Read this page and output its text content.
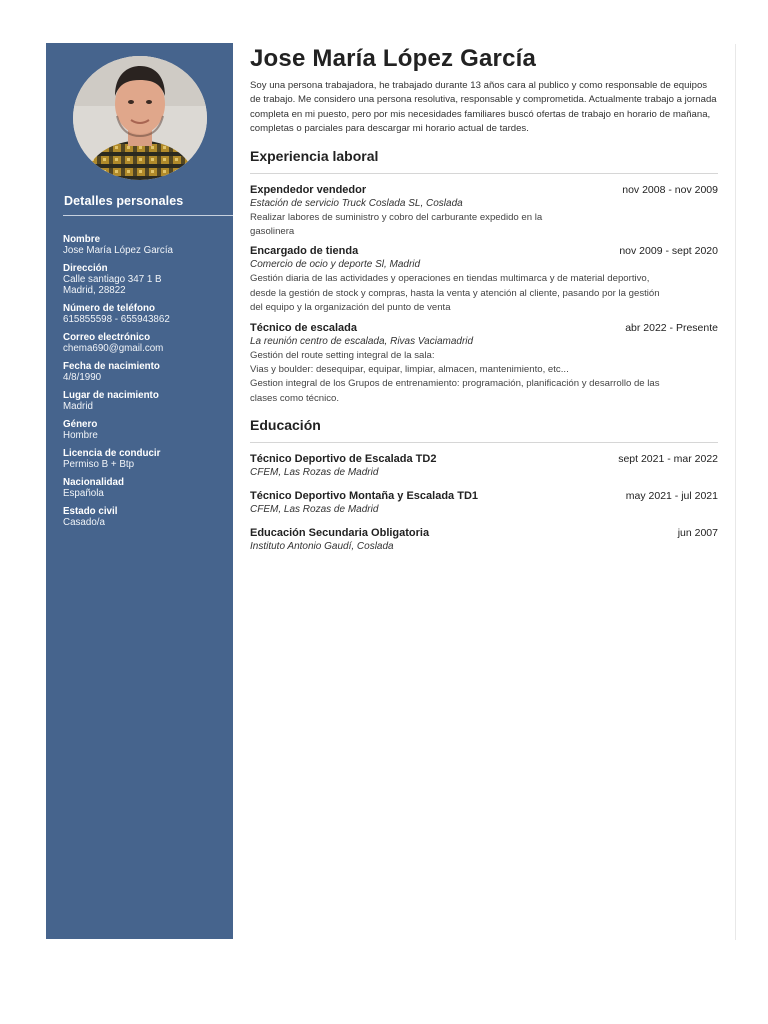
Detalles personales
Nombre
Jose María López García
Dirección
Calle santiago 347 1 B
Madrid, 28822
Número de teléfono
615855598 - 655943862
Correo electrónico
chema690@gmail.com
Fecha de nacimiento
4/8/1990
Lugar de nacimiento
Madrid
Género
Hombre
Licencia de conducir
Permiso B + Btp
Nacionalidad
Española
Estado civil
Casado/a
Jose María López García
Soy una persona trabajadora, he trabajado durante 13 años cara al publico y como responsable de equipos de trabajo. Me considero una persona resolutiva, responsable y comprometida. Actualmente trabajo a jornada completa en mi puesto, pero por mis necesidades familiares buscó ofertas de trabajo en horario de mañana, completas o parciales para descargar mi horario actual de tardes.
Experiencia laboral
Expendedor vendedor	nov 2008 - nov 2009
Estación de servicio Truck Coslada SL, Coslada
Realizar labores de suministro y cobro del carburante expedido en la
gasolinera
Encargado de tienda	nov 2009 - sept 2020
Comercio de ocio y deporte Sl, Madrid
Gestión diaria de las actividades y operaciones en tiendas multimarca y de material deportivo,
desde la gestión de stock y compras, hasta la venta y atención al cliente, pasando por la gestión
del equipo y la organización del punto de venta
Técnico de escalada	abr 2022 - Presente
La reunión centro de escalada, Rivas Vaciamadrid
Gestión del route setting integral de la sala:
Vias y boulder: desequipar, equipar, limpiar, almacen, mantenimiento, etc...
Gestion integral de los Grupos de entrenamiento: programación, planificación y desarrollo de las
clases como técnico.
Educación
Técnico Deportivo de Escalada TD2	sept 2021 - mar 2022
CFEM, Las Rozas de Madrid
Técnico Deportivo Montaña y Escalada TD1	may 2021 - jul 2021
CFEM, Las Rozas de Madrid
Educación Secundaria Obligatoria	jun 2007
Instituto Antonio Gaudí, Coslada
